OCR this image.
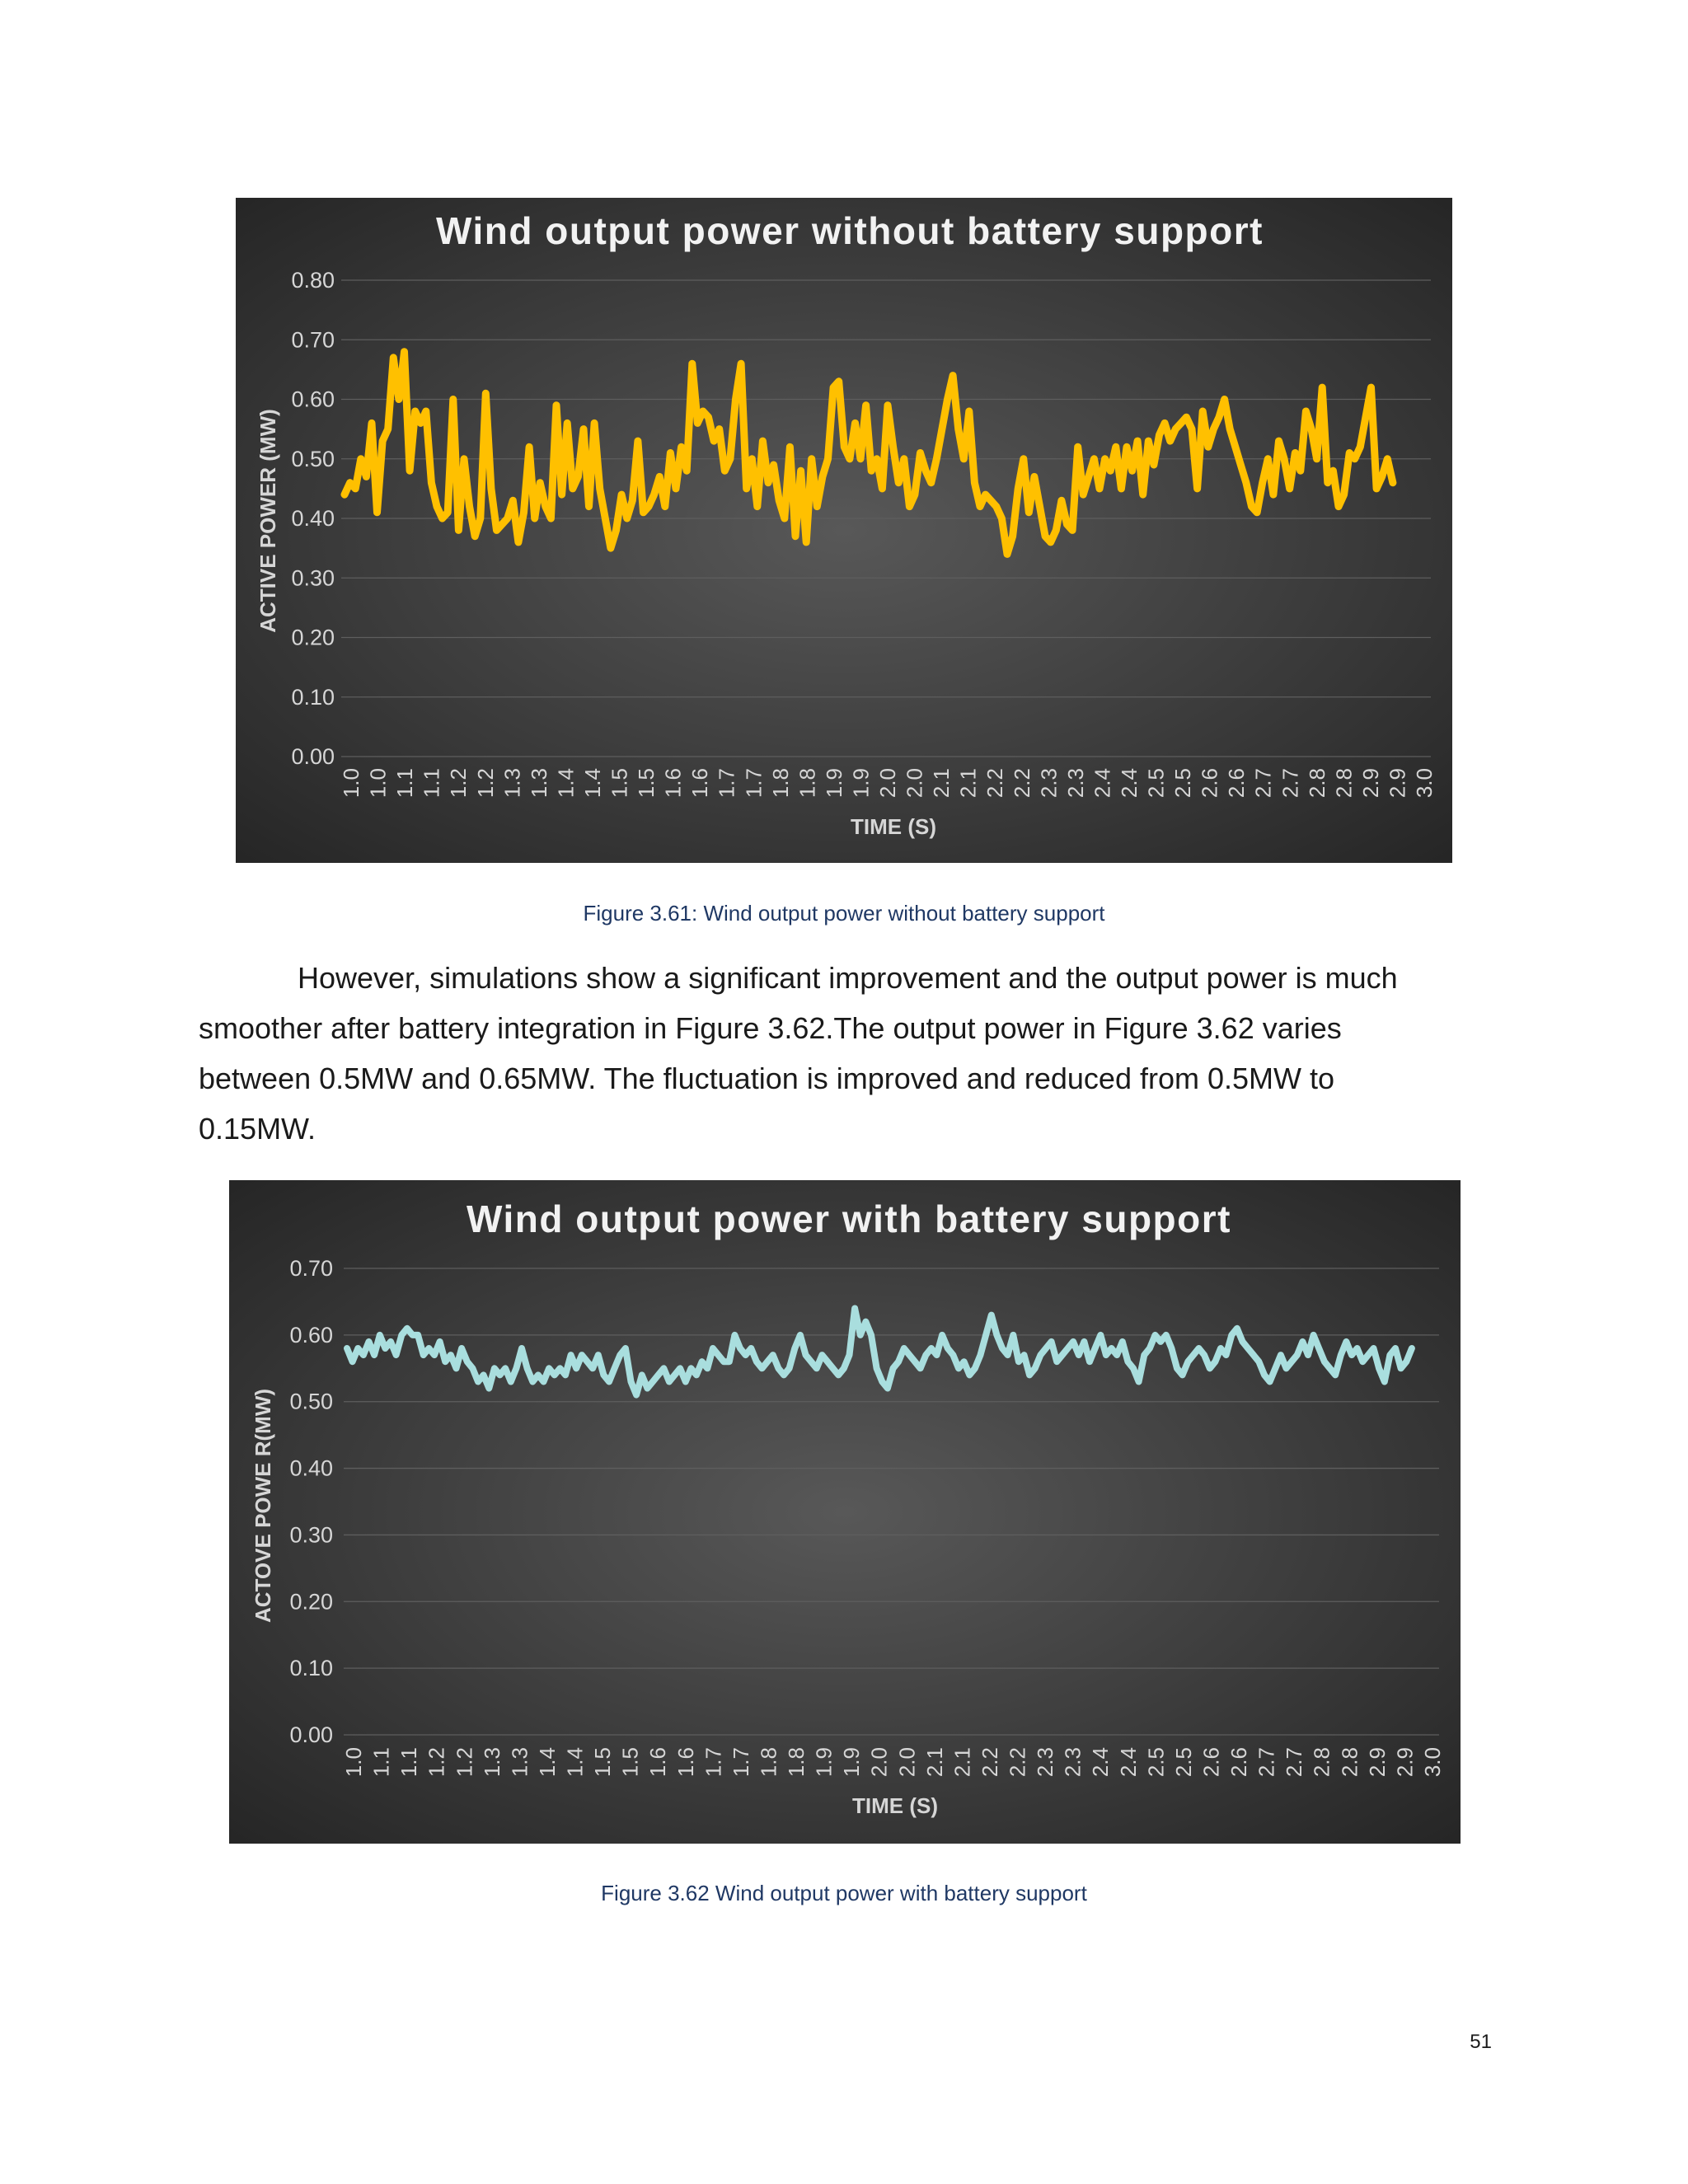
Wind output power without battery support
0.00
0.10
0.20
0.30
0.40
0.50
0.60
0.70
0.80
1.0 1.0 1.1 1.1 1.2 1.2 1.3 1.3 1.4 1.4 1.5 1.5 1.6 1.6 1.7 1.7 1.8 1.8 1.9 1.9 2.0 2.0 2.1 2.1 2.2 2.2 2.3 2.3 2.4 2.4 2.5 2.5 2.6 2.6 2.7 2.7 2.8 2.8 2.9 2.9 3.0
TIME (S)
ACTIVE POWER (MW)

Figure 3.61: Wind output power without battery support

However, simulations show a significant improvement and the output power is much smoother after battery integration in Figure 3.62.The output power in Figure 3.62 varies between 0.5MW and 0.65MW. The fluctuation is improved and reduced from 0.5MW to 0.15MW.

Wind output power with battery support
0.00
0.10
0.20
0.30
0.40
0.50
0.60
0.70
1.0 1.1 1.1 1.2 1.2 1.3 1.3 1.4 1.4 1.5 1.5 1.6 1.6 1.7 1.7 1.8 1.8 1.9 1.9 2.0 2.0 2.1 2.1 2.2 2.2 2.3 2.3 2.4 2.4 2.5 2.5 2.6 2.6 2.7 2.7 2.8 2.8 2.9 2.9 3.0
TIME (S)
ACTOVE POWE R(MW)

Figure 3.62 Wind output power with battery support

51
